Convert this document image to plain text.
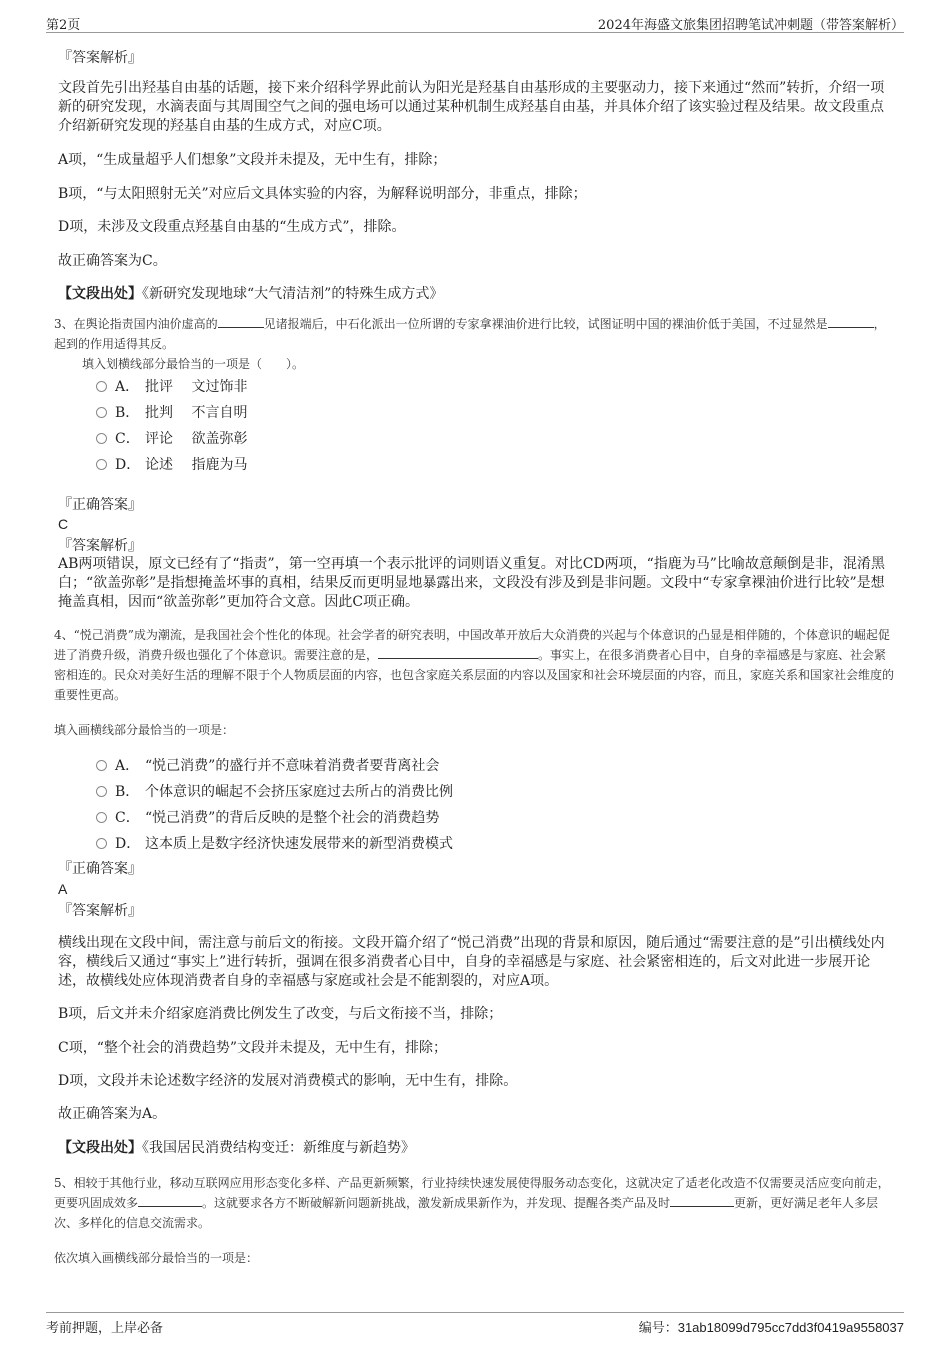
第2页	2024年海盛文旅集团招聘笔试冲刺题（带答案解析）

『答案解析』

文段首先引出羟基自由基的话题，接下来介绍科学界此前认为阳光是羟基自由基形成的主要驱动力，接下来通过“然而”转折，介绍一项新的研究发现，水滴表面与其周围空气之间的强电场可以通过某种机制生成羟基自由基，并具体介绍了该实验过程及结果。故文段重点介绍新研究发现的羟基自由基的生成方式，对应C项。

A项，“生成量超乎人们想象”文段并未提及，无中生有，排除；

B项，“与太阳照射无关”对应后文具体实验的内容，为解释说明部分，非重点，排除；

D项，未涉及文段重点羟基自由基的“生成方式”，排除。

故正确答案为C。

【文段出处】《新研究发现地球“大气清洁剂”的特殊生成方式》

3、在舆论指责国内油价虚高的	见诸报端后，中石化派出一位所谓的专家拿裸油价进行比较，试图证明中国的裸油价低于美国，不过显然是	，起到的作用适得其反。

填入划横线部分最恰当的一项是（　　）。

A． 批评　 文过饰非
B． 批判　 不言自明
C． 评论　 欲盖弥彰
D． 论述　 指鹿为马

『正确答案』

C

『答案解析』

AB两项错误，原文已经有了“指责”，第一空再填一个表示批评的词则语义重复。对比CD两项，“指鹿为马”比喻故意颠倒是非，混淆黑白；“欲盖弥彰”是指想掩盖坏事的真相，结果反而更明显地暴露出来，文段没有涉及到是非问题。文段中“专家拿裸油价进行比较”是想掩盖真相，因而“欲盖弥彰”更加符合文意。因此C项正确。

4、“悦己消费”成为潮流，是我国社会个性化的体现。社会学者的研究表明，中国改革开放后大众消费的兴起与个体意识的凸显是相伴随的，个体意识的崛起促进了消费升级，消费升级也强化了个体意识。需要注意的是，	。事实上，在很多消费者心目中，自身的幸福感是与家庭、社会紧密相连的。民众对美好生活的理解不限于个人物质层面的内容，也包含家庭关系层面的内容以及国家和社会环境层面的内容，而且，家庭关系和国家社会维度的重要性更高。

填入画横线部分最恰当的一项是：

A． “悦己消费”的盛行并不意味着消费者要背离社会
B． 个体意识的崛起不会挤压家庭过去所占的消费比例
C． “悦己消费”的背后反映的是整个社会的消费趋势
D． 这本质上是数字经济快速发展带来的新型消费模式

『正确答案』

A

『答案解析』

横线出现在文段中间，需注意与前后文的衔接。文段开篇介绍了“悦己消费”出现的背景和原因，随后通过“需要注意的是”引出横线处内容，横线后又通过“事实上”进行转折，强调在很多消费者心目中，自身的幸福感是与家庭、社会紧密相连的，后文对此进一步展开论述，故横线处应体现消费者自身的幸福感与家庭或社会是不能割裂的，对应A项。

B项，后文并未介绍家庭消费比例发生了改变，与后文衔接不当，排除；

C项，“整个社会的消费趋势”文段并未提及，无中生有，排除；

D项，文段并未论述数字经济的发展对消费模式的影响，无中生有，排除。

故正确答案为A。

【文段出处】《我国居民消费结构变迁：新维度与新趋势》

5、相较于其他行业，移动互联网应用形态变化多样、产品更新频繁，行业持续快速发展使得服务动态变化，这就决定了适老化改造不仅需要灵活应变向前走，更要巩固成效多	。这就要求各方不断破解新问题新挑战，激发新成果新作为，并发现、提醒各类产品及时	更新，更好满足老年人多层次、多样化的信息交流需求。

依次填入画横线部分最恰当的一项是：

考前押题，上岸必备	编号：31ab18099d795cc7dd3f0419a9558037
